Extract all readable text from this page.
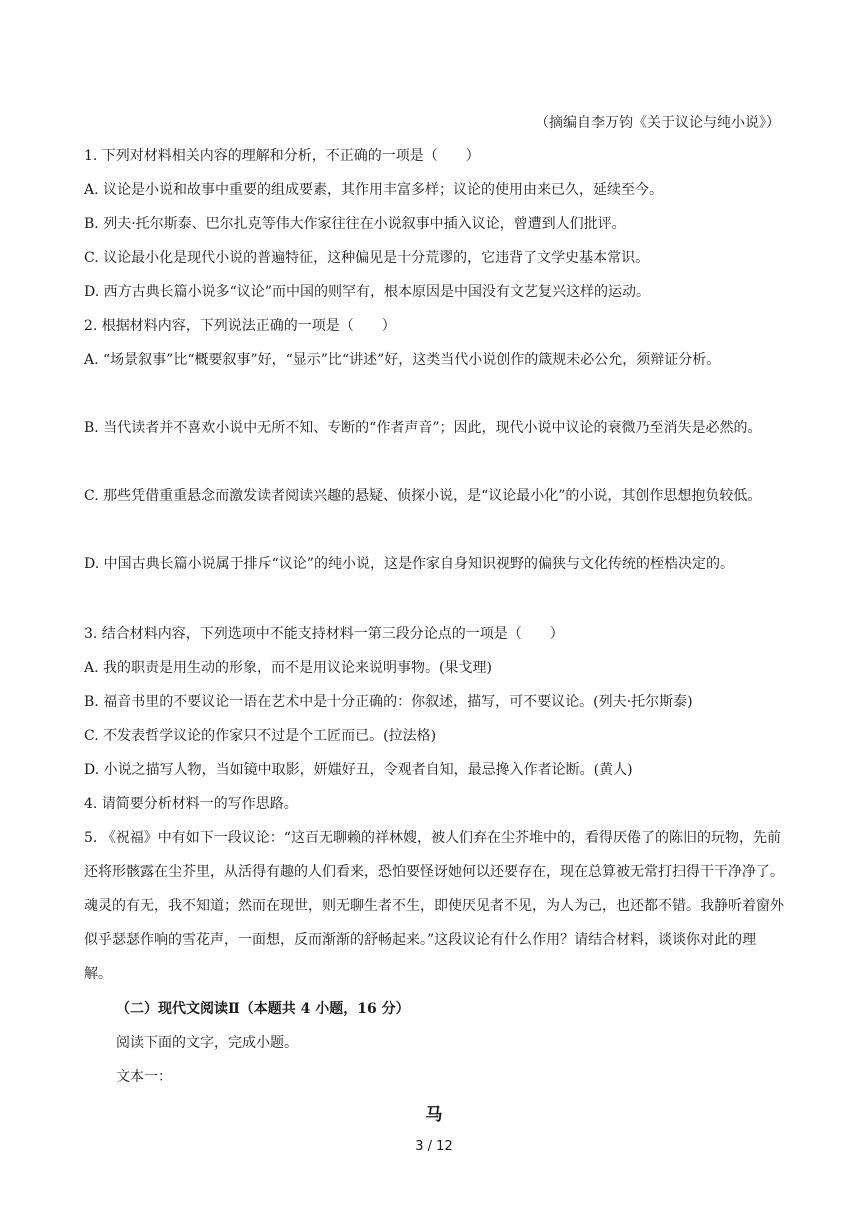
（摘编自李万钧《关于议论与纯小说》）
1. 下列对材料相关内容的理解和分析，不正确的一项是（　　）
A. 议论是小说和故事中重要的组成要素，其作用丰富多样；议论的使用由来已久，延续至今。
B. 列夫·托尔斯泰、巴尔扎克等伟大作家往往在小说叙事中插入议论，曾遭到人们批评。
C. 议论最小化是现代小说的普遍特征，这种偏见是十分荒谬的，它违背了文学史基本常识。
D. 西方古典长篇小说多“议论”而中国的则罕有，根本原因是中国没有文艺复兴这样的运动。
2. 根据材料内容，下列说法正确的一项是（　　）
A. “场景叙事”比“概要叙事”好，“显示”比“讲述”好，这类当代小说创作的箴规未必公允，须辩证分析。
B. 当代读者并不喜欢小说中无所不知、专断的“作者声音”；因此，现代小说中议论的衰微乃至消失是必然的。
C. 那些凭借重重悬念而激发读者阅读兴趣的悬疑、侦探小说，是“议论最小化”的小说，其创作思想抱负较低。
D. 中国古典长篇小说属于排斥“议论”的纯小说，这是作家自身知识视野的偏狭与文化传统的桎梏决定的。
3. 结合材料内容，下列选项中不能支持材料一第三段分论点的一项是（　　）
A. 我的职责是用生动的形象，而不是用议论来说明事物。(果戈理)
B. 福音书里的不要议论一语在艺术中是十分正确的：你叙述，描写，可不要议论。(列夫·托尔斯泰)
C. 不发表哲学议论的作家只不过是个工匠而已。(拉法格)
D. 小说之描写人物，当如镜中取影，妍媸好丑，令观者自知，最忌搀入作者论断。(黄人)
4. 请简要分析材料一的写作思路。
5. 《祝福》中有如下一段议论：“这百无聊赖的祥林嫂，被人们弃在尘芥堆中的，看得厌倦了的陈旧的玩物，先前还将形骸露在尘芥里，从活得有趣的人们看来，恐怕要怪讶她何以还要存在，现在总算被无常打扫得干干净净了。魂灵的有无，我不知道；然而在现世，则无聊生者不生，即使厌见者不见，为人为己，也还都不错。我静听着窗外似乎瑟瑟作响的雪花声，一面想，反而渐渐的舒畅起来。”这段议论有什么作用？请结合材料，谈谈你对此的理解。
（二）现代文阅读Ⅱ（本题共 4 小题，16 分）
阅读下面的文字，完成小题。
文本一：
马
3 / 12
